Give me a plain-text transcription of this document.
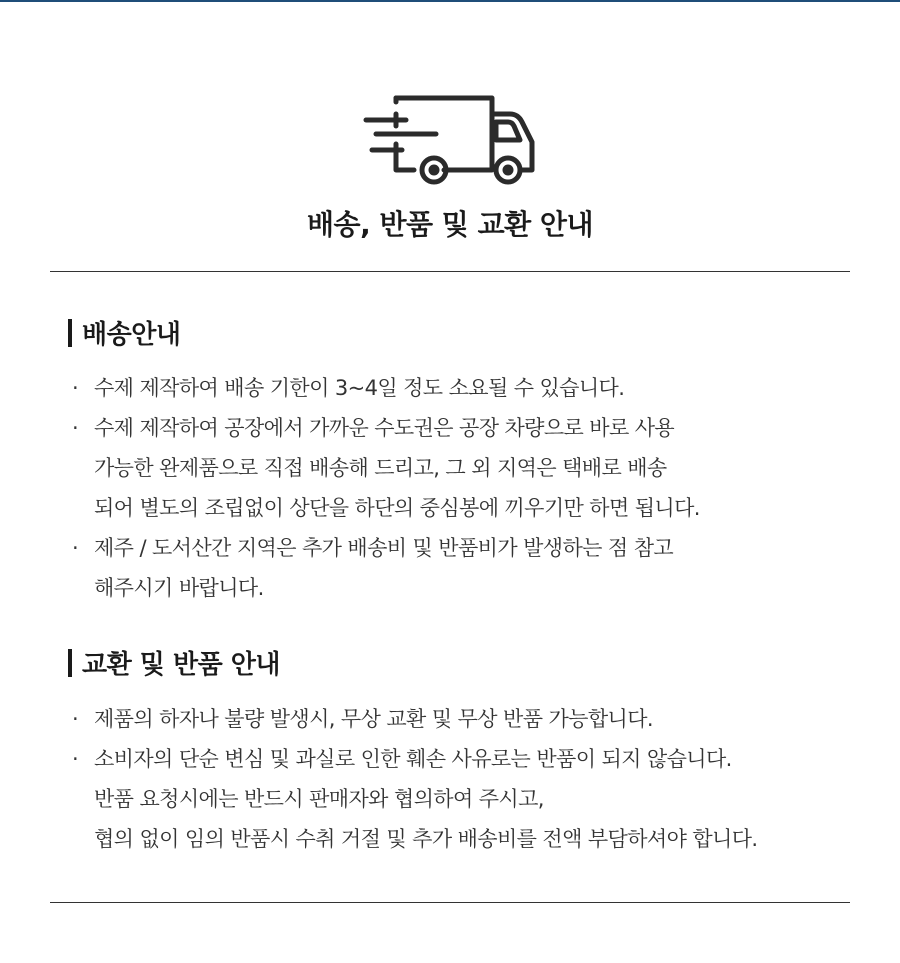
배송, 반품 및 교환 안내
배송안내
· 수제 제작하여 배송 기한이 3~4일 정도 소요될 수 있습니다.
· 수제 제작하여 공장에서 가까운 수도권은 공장 차량으로 바로 사용
가능한 완제품으로 직접 배송해 드리고, 그 외 지역은 택배로 배송
되어 별도의 조립없이 상단을 하단의 중심봉에 끼우기만 하면 됩니다.
· 제주 / 도서산간 지역은 추가 배송비 및 반품비가 발생하는 점 참고
해주시기 바랍니다.
교환 및 반품 안내
· 제품의 하자나 불량 발생시, 무상 교환 및 무상 반품 가능합니다.
· 소비자의 단순 변심 및 과실로 인한 훼손 사유로는 반품이 되지 않습니다.
반품 요청시에는 반드시 판매자와 협의하여 주시고,
협의 없이 임의 반품시 수취 거절 및 추가 배송비를 전액 부담하셔야 합니다.
